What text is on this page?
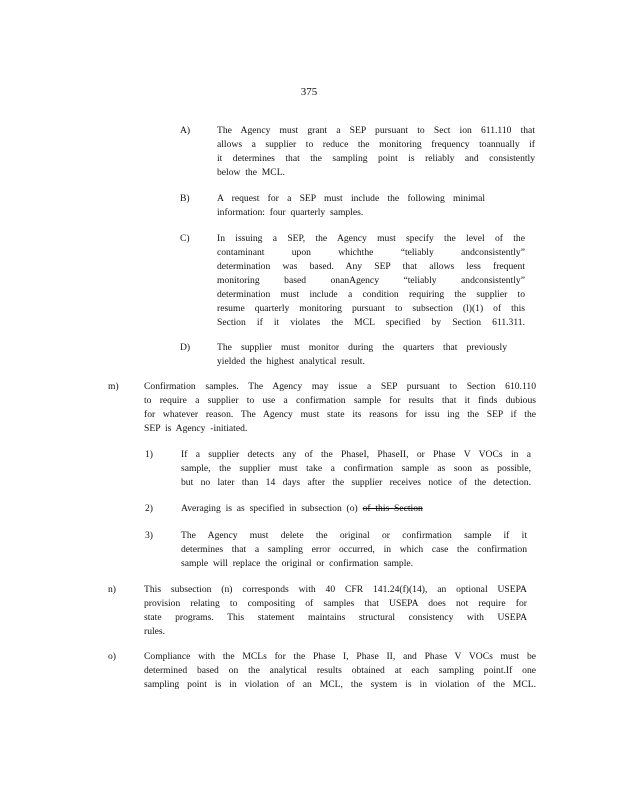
375
A)	The Agency must grant a SEP pursuant to Sect ion 611.110 that
allows a supplier to reduce the monitoring frequency toannually if
it determines that the sampling point is reliably and consistently
below the MCL.
B)	A request for a SEP must include the following minimal
information: four quarterly samples.
C)	In issuing a SEP, the Agency must specify the level of the
contaminant upon whichthe “teliably andconsistently”
determination was based. Any SEP that allows less frequent
monitoring based onanAgency “teliably andconsistently”
determination must include a condition requiring the supplier to
resume quarterly monitoring pursuant to subsection (l)(1) of this
Section if it violates the MCL specified by Section 611.311.
D)	The supplier must monitor during the quarters that previously
yielded the highest analytical result.
m)	Confirmation samples. The Agency may issue a SEP pursuant to Section 610.110
to require a supplier to use a confirmation sample for results that it finds dubious
for whatever reason. The Agency must state its reasons for issu ing the SEP if the
SEP is Agency -initiated.
1)	If a supplier detects any of the PhaseI, PhaseII, or Phase V VOCs in a
sample, the supplier must take a confirmation sample as soon as possible,
but no later than 14 days after the supplier receives notice of the detection.
2)	Averaging is as specified in subsection (o) of this Section
3)	The Agency must delete the original or confirmation sample if it
determines that a sampling error occurred, in which case the confirmation
sample will replace the original or confirmation sample.
n)	This subsection (n) corresponds with 40 CFR 141.24(f)(14), an optional USEPA
provision relating to compositing of samples that USEPA does not require for
state programs. This statement maintains structural consistency with USEPA
rules.
o)	Compliance with the MCLs for the Phase I, Phase II, and Phase V VOCs must be
determined based on the analytical results obtained at each sampling point.If one
sampling point is in violation of an MCL, the system is in violation of the MCL.
